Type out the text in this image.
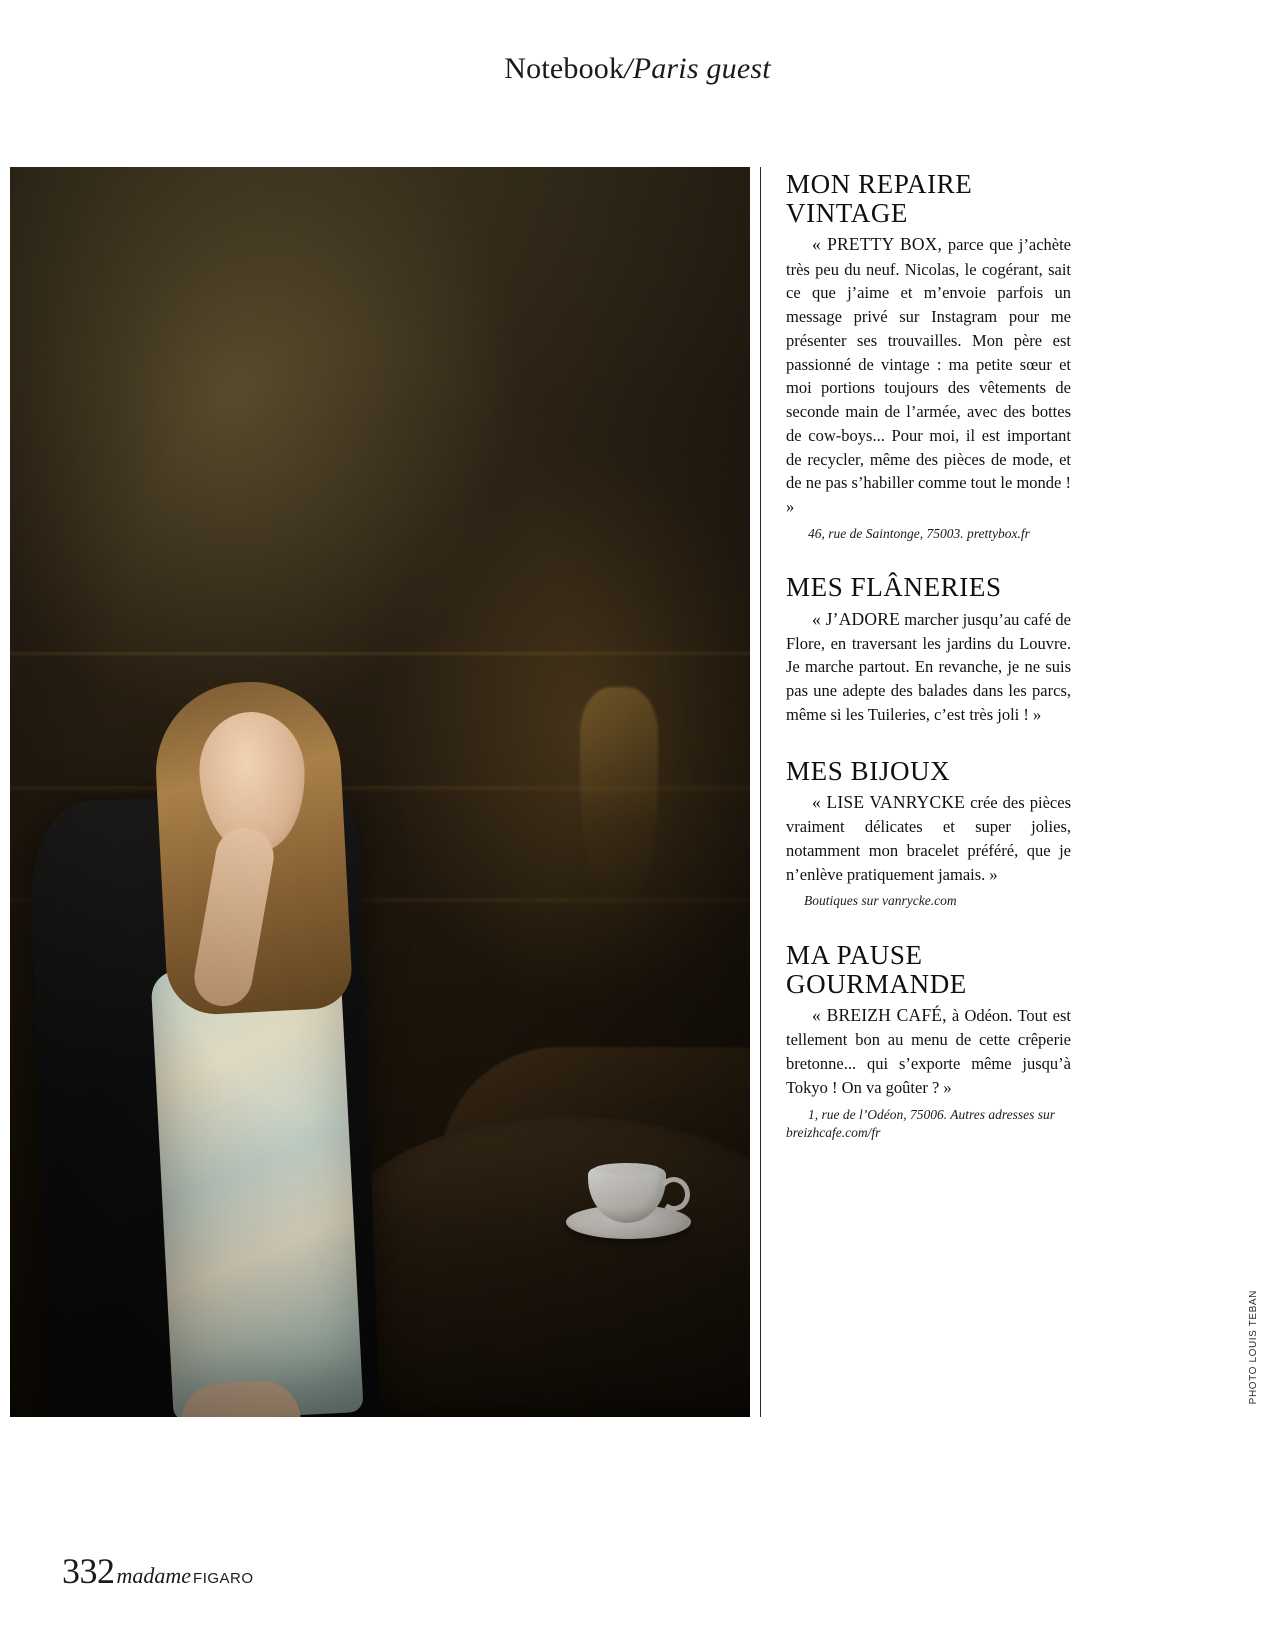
Notebook/Paris guest
MON REPAIRE VINTAGE

« PRETTY BOX, parce que j’achète très peu du neuf. Nicolas, le cogérant, sait ce que j’aime et m’envoie parfois un message privé sur Instagram pour me présenter ses trouvailles. Mon père est passionné de vintage : ma petite sœur et moi portions toujours des vêtements de seconde main de l’armée, avec des bottes de cow-boys... Pour moi, il est important de recycler, même des pièces de mode, et de ne pas s’habiller comme tout le monde ! »

46, rue de Saintonge, 75003. prettybox.fr

MES FLÂNERIES

« J’ADORE marcher jusqu’au café de Flore, en traversant les jardins du Louvre. Je marche partout. En revanche, je ne suis pas une adepte des balades dans les parcs, même si les Tuileries, c’est très joli ! »

MES BIJOUX

« LISE VANRYCKE crée des pièces vraiment délicates et super jolies, notamment mon bracelet préféré, que je n’enlève pratiquement jamais. »

Boutiques sur vanrycke.com

MA PAUSE GOURMANDE

« BREIZH CAFÉ, à Odéon. Tout est tellement bon au menu de cette crêperie bretonne... qui s’exporte même jusqu’à Tokyo ! On va goûter ? »

1, rue de l’Odéon, 75006. Autres adresses sur breizhcafe.com/fr

PHOTO LOUIS TEBAN
332 madame FIGARO
